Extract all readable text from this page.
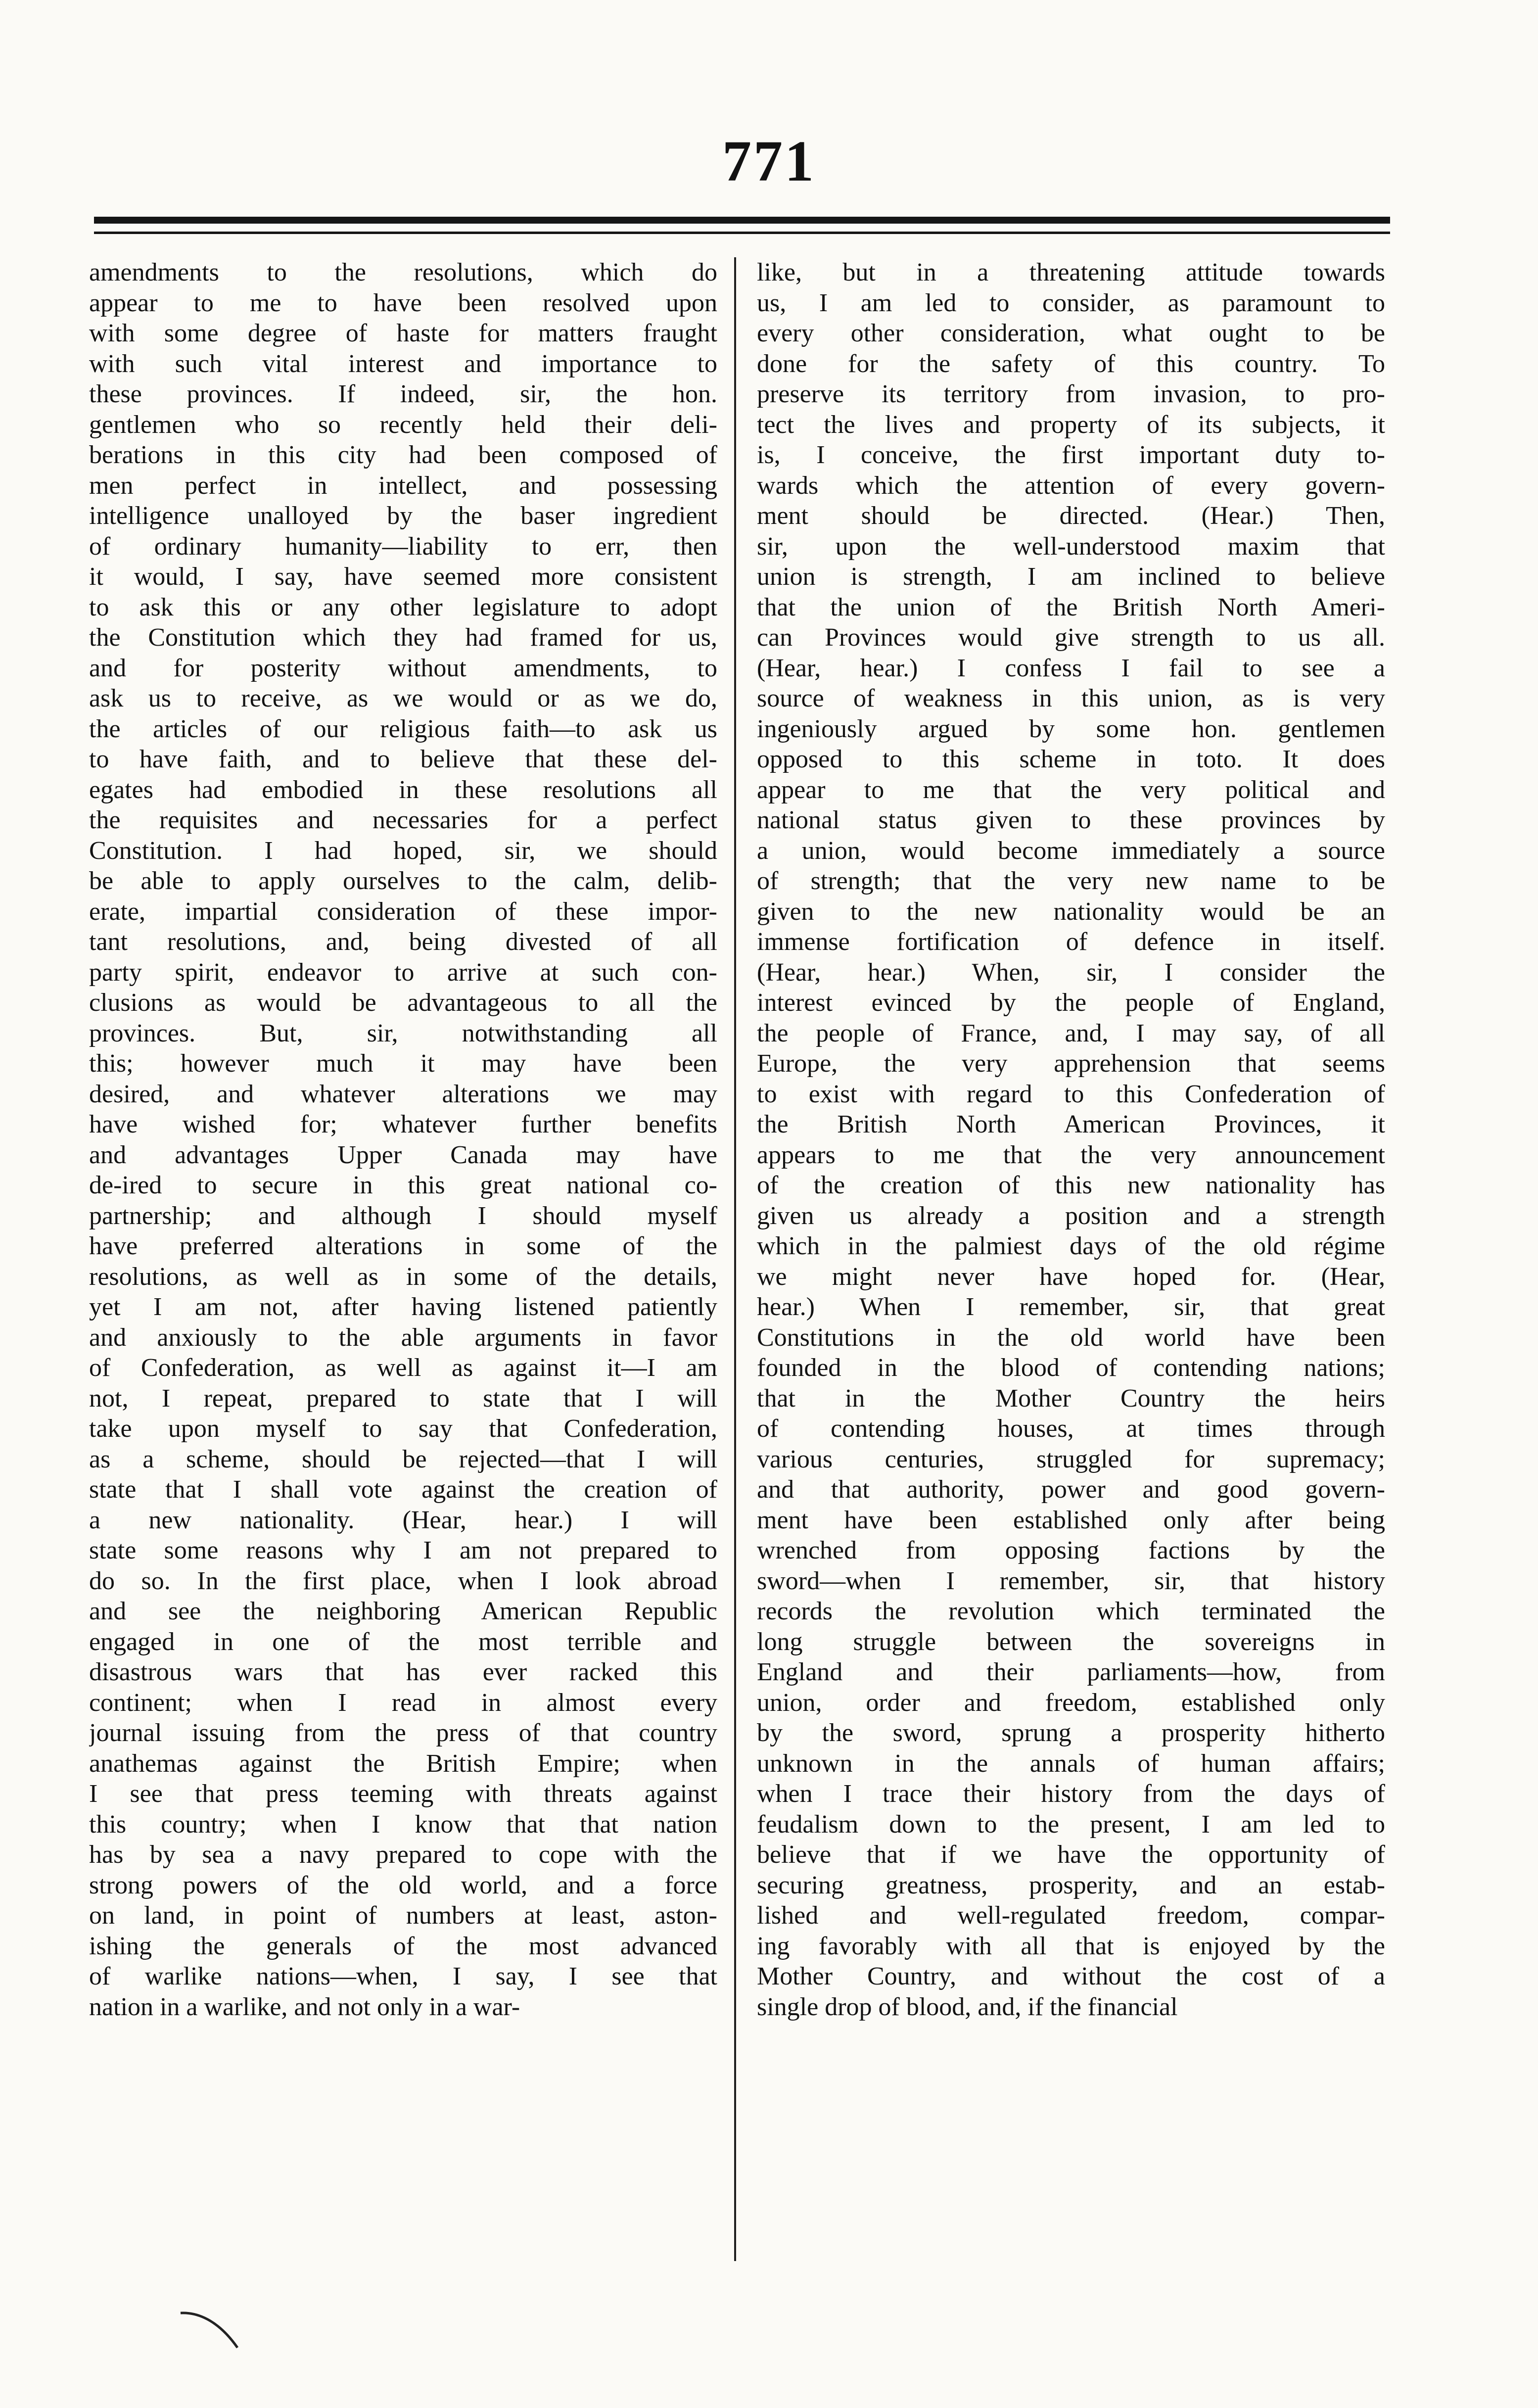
771
amendments to the resolutions, which do
appear to me to have been resolved upon
with some degree of haste for matters fraught
with such vital interest and importance to
these provinces. If indeed, sir, the hon.
gentlemen who so recently held their deli-
berations in this city had been composed of
men perfect in intellect, and possessing
intelligence unalloyed by the baser ingredient
of ordinary humanity—liability to err, then
it would, I say, have seemed more consistent
to ask this or any other legislature to adopt
the Constitution which they had framed for us,
and for posterity without amendments, to
ask us to receive, as we would or as we do,
the articles of our religious faith—to ask us
to have faith, and to believe that these del-
egates had embodied in these resolutions all
the requisites and necessaries for a perfect
Constitution. I had hoped, sir, we should
be able to apply ourselves to the calm, delib-
erate, impartial consideration of these impor-
tant resolutions, and, being divested of all
party spirit, endeavor to arrive at such con-
clusions as would be advantageous to all the
provinces. But, sir, notwithstanding all
this; however much it may have been
desired, and whatever alterations we may
have wished for; whatever further benefits
and advantages Upper Canada may have
de-ired to secure in this great national co-
partnership; and although I should myself
have preferred alterations in some of the
resolutions, as well as in some of the details,
yet I am not, after having listened patiently
and anxiously to the able arguments in favor
of Confederation, as well as against it—I am
not, I repeat, prepared to state that I will
take upon myself to say that Confederation,
as a scheme, should be rejected—that I will
state that I shall vote against the creation of
a new nationality. (Hear, hear.) I will
state some reasons why I am not prepared to
do so. In the first place, when I look abroad
and see the neighboring American Republic
engaged in one of the most terrible and
disastrous wars that has ever racked this
continent; when I read in almost every
journal issuing from the press of that country
anathemas against the British Empire; when
I see that press teeming with threats against
this country; when I know that that nation
has by sea a navy prepared to cope with the
strong powers of the old world, and a force
on land, in point of numbers at least, aston-
ishing the generals of the most advanced
of warlike nations—when, I say, I see that
nation in a warlike, and not only in a war-
like, but in a threatening attitude towards
us, I am led to consider, as paramount to
every other consideration, what ought to be
done for the safety of this country. To
preserve its territory from invasion, to pro-
tect the lives and property of its subjects, it
is, I conceive, the first important duty to-
wards which the attention of every govern-
ment should be directed. (Hear.) Then,
sir, upon the well-understood maxim that
union is strength, I am inclined to believe
that the union of the British North Ameri-
can Provinces would give strength to us all.
(Hear, hear.) I confess I fail to see a
source of weakness in this union, as is very
ingeniously argued by some hon. gentlemen
opposed to this scheme in toto. It does
appear to me that the very political and
national status given to these provinces by
a union, would become immediately a source
of strength; that the very new name to be
given to the new nationality would be an
immense fortification of defence in itself.
(Hear, hear.) When, sir, I consider the
interest evinced by the people of England,
the people of France, and, I may say, of all
Europe, the very apprehension that seems
to exist with regard to this Confederation of
the British North American Provinces, it
appears to me that the very announcement
of the creation of this new nationality has
given us already a position and a strength
which in the palmiest days of the old régime
we might never have hoped for. (Hear,
hear.) When I remember, sir, that great
Constitutions in the old world have been
founded in the blood of contending nations;
that in the Mother Country the heirs
of contending houses, at times through
various centuries, struggled for supremacy;
and that authority, power and good govern-
ment have been established only after being
wrenched from opposing factions by the
sword—when I remember, sir, that history
records the revolution which terminated the
long struggle between the sovereigns in
England and their parliaments—how, from
union, order and freedom, established only
by the sword, sprung a prosperity hitherto
unknown in the annals of human affairs;
when I trace their history from the days of
feudalism down to the present, I am led to
believe that if we have the opportunity of
securing greatness, prosperity, and an estab-
lished and well-regulated freedom, compar-
ing favorably with all that is enjoyed by the
Mother Country, and without the cost of a
single drop of blood, and, if the financial
